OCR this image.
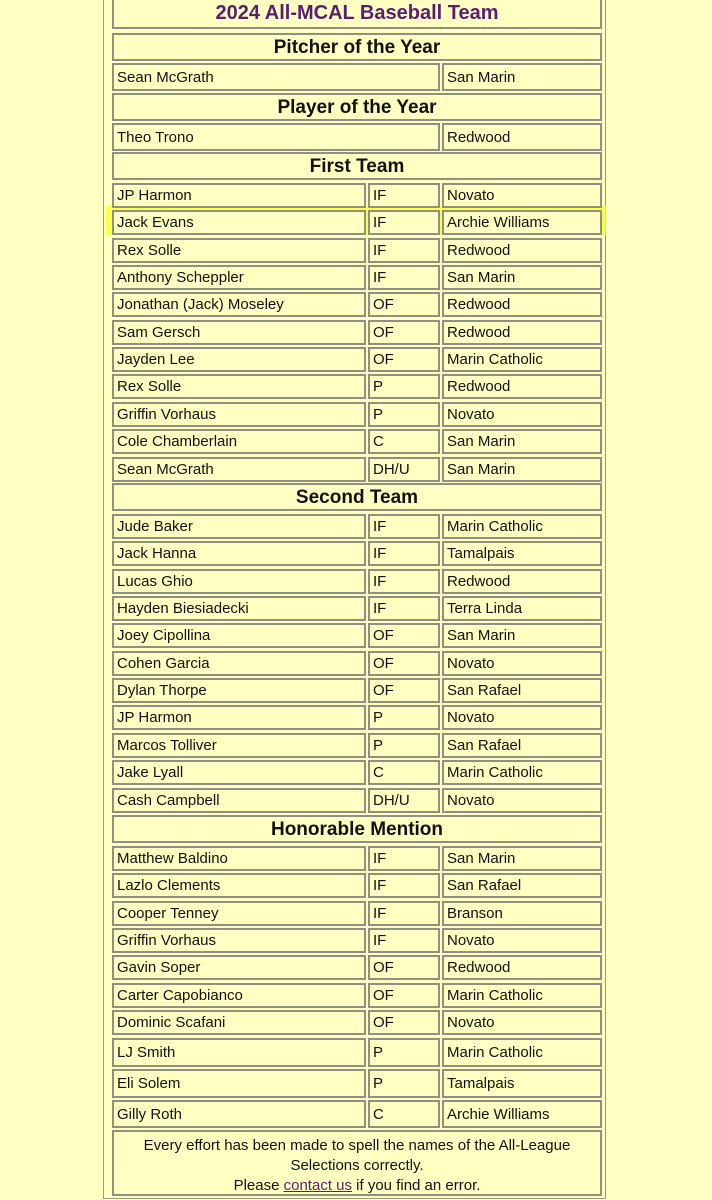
2024 All-MCAL Baseball Team
Pitcher of the Year
Sean McGrath	San Marin
Player of the Year
Theo Trono	Redwood
First Team
JP Harmon	IF	Novato
Jack Evans	IF	Archie Williams
Rex Solle	IF	Redwood
Anthony Scheppler	IF	San Marin
Jonathan (Jack) Moseley	OF	Redwood
Sam Gersch	OF	Redwood
Jayden Lee	OF	Marin Catholic
Rex Solle	P	Redwood
Griffin Vorhaus	P	Novato
Cole Chamberlain	C	San Marin
Sean McGrath	DH/U	San Marin
Second Team
Jude Baker	IF	Marin Catholic
Jack Hanna	IF	Tamalpais
Lucas Ghio	IF	Redwood
Hayden Biesiadecki	IF	Terra Linda
Joey Cipollina	OF	San Marin
Cohen Garcia	OF	Novato
Dylan Thorpe	OF	San Rafael
JP Harmon	P	Novato
Marcos Tolliver	P	San Rafael
Jake Lyall	C	Marin Catholic
Cash Campbell	DH/U	Novato
Honorable Mention
Matthew Baldino	IF	San Marin
Lazlo Clements	IF	San Rafael
Cooper Tenney	IF	Branson
Griffin Vorhaus	IF	Novato
Gavin Soper	OF	Redwood
Carter Capobianco	OF	Marin Catholic
Dominic Scafani	OF	Novato
LJ Smith	P	Marin Catholic
Eli Solem	P	Tamalpais
Gilly Roth	C	Archie Williams
Every effort has been made to spell the names of the All-League Selections correctly.
Please contact us if you find an error.
